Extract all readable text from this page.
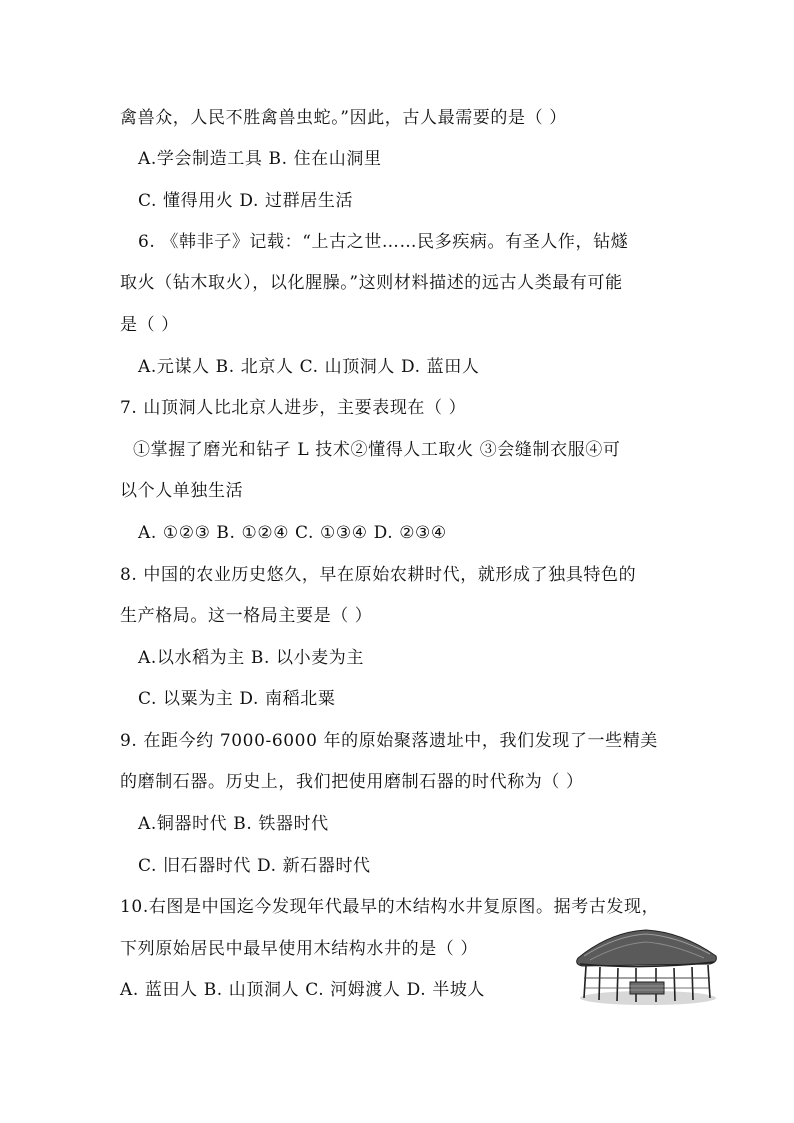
禽兽众，人民不胜禽兽虫蛇。”因此，古人最需要的是（ ）
A.学会制造工具 B. 住在山洞里
C. 懂得用火 D. 过群居生活
6. 《韩非子》记载：“上古之世……民多疾病。有圣人作，钻燧
取火（钻木取火），以化腥臊。”这则材料描述的远古人类最有可能
是（ ）
A.元谋人 B. 北京人 C. 山顶洞人 D. 蓝田人
7. 山顶洞人比北京人进步，主要表现在（ ）
①掌握了磨光和钻孑 L 技术②懂得人工取火 ③会缝制衣服④可
以个人单独生活
A. ①②③ B. ①②④ C. ①③④ D. ②③④
8. 中国的农业历史悠久，早在原始农耕时代，就形成了独具特色的
生产格局。这一格局主要是（ ）
A.以水稻为主 B. 以小麦为主
C. 以粟为主 D. 南稻北粟
9. 在距今约 7000-6000 年的原始聚落遗址中，我们发现了一些精美
的磨制石器。历史上，我们把使用磨制石器的时代称为（ ）
A.铜器时代 B. 铁器时代
C. 旧石器时代 D. 新石器时代
10.右图是中国迄今发现年代最早的木结构水井复原图。据考古发现，
下列原始居民中最早使用木结构水井的是（ ）
A. 蓝田人 B. 山顶洞人 C. 河姆渡人 D. 半坡人
